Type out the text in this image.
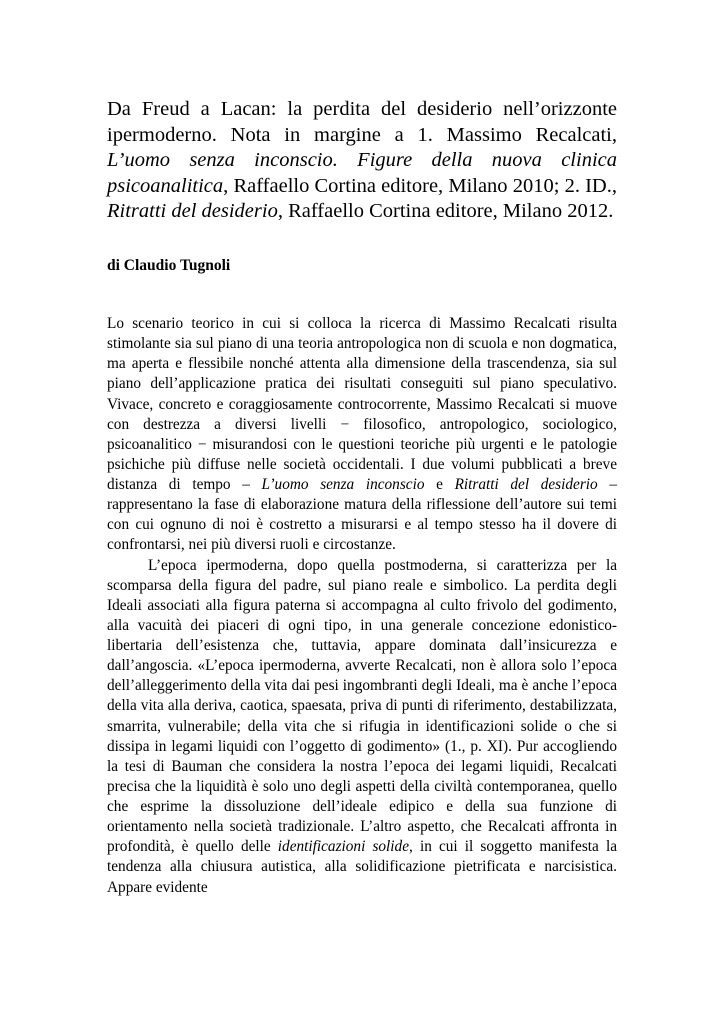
Da Freud a Lacan: la perdita del desiderio nell’orizzonte ipermoderno. Nota in margine a 1. Massimo Recalcati, L’uomo senza inconscio. Figure della nuova clinica psicoanalitica, Raffaello Cortina editore, Milano 2010; 2. ID., Ritratti del desiderio, Raffaello Cortina editore, Milano 2012.

di Claudio Tugnoli

Lo scenario teorico in cui si colloca la ricerca di Massimo Recalcati risulta stimolante sia sul piano di una teoria antropologica non di scuola e non dogmatica, ma aperta e flessibile nonché attenta alla dimensione della trascendenza, sia sul piano dell’applicazione pratica dei risultati conseguiti sul piano speculativo. Vivace, concreto e coraggiosamente controcorrente, Massimo Recalcati si muove con destrezza a diversi livelli − filosofico, antropologico, sociologico, psicoanalitico − misurandosi con le questioni teoriche più urgenti e le patologie psichiche più diffuse nelle società occidentali. I due volumi pubblicati a breve distanza di tempo – L’uomo senza inconscio e Ritratti del desiderio – rappresentano la fase di elaborazione matura della riflessione dell’autore sui temi con cui ognuno di noi è costretto a misurarsi e al tempo stesso ha il dovere di confrontarsi, nei più diversi ruoli e circostanze.

L’epoca ipermoderna, dopo quella postmoderna, si caratterizza per la scomparsa della figura del padre, sul piano reale e simbolico. La perdita degli Ideali associati alla figura paterna si accompagna al culto frivolo del godimento, alla vacuità dei piaceri di ogni tipo, in una generale concezione edonistico-libertaria dell’esistenza che, tuttavia, appare dominata dall’insicurezza e dall’angoscia. «L’epoca ipermoderna, avverte Recalcati, non è allora solo l’epoca dell’alleggerimento della vita dai pesi ingombranti degli Ideali, ma è anche l’epoca della vita alla deriva, caotica, spaesata, priva di punti di riferimento, destabilizzata, smarrita, vulnerabile; della vita che si rifugia in identificazioni solide o che si dissipa in legami liquidi con l’oggetto di godimento» (1., p. XI). Pur accogliendo la tesi di Bauman che considera la nostra l’epoca dei legami liquidi, Recalcati precisa che la liquidità è solo uno degli aspetti della civiltà contemporanea, quello che esprime la dissoluzione dell’ideale edipico e della sua funzione di orientamento nella società tradizionale. L’altro aspetto, che Recalcati affronta in profondità, è quello delle identificazioni solide, in cui il soggetto manifesta la tendenza alla chiusura autistica, alla solidificazione pietrificata e narcisistica. Appare evidente
